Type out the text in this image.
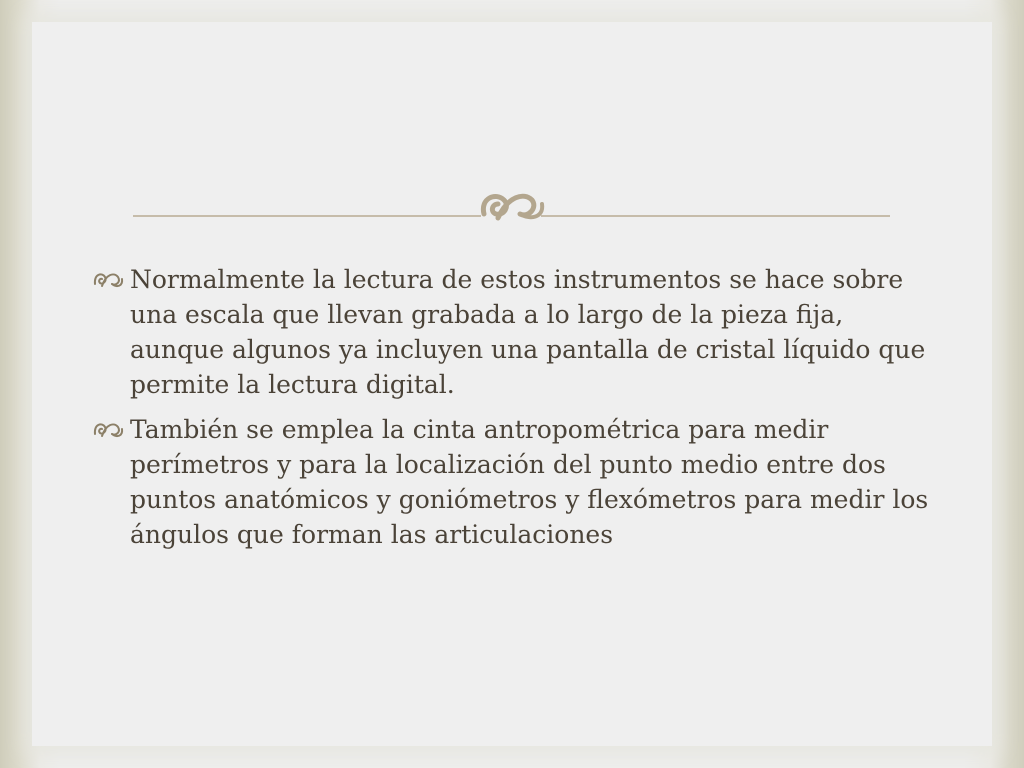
Normalmente la lectura de estos instrumentos se hace sobre una escala que llevan grabada a lo largo de la pieza fija, aunque algunos ya incluyen una pantalla de cristal líquido que permite la lectura digital.

También se emplea la cinta antropométrica para medir perímetros y para la localización del punto medio entre dos puntos anatómicos y goniómetros y flexómetros para medir los ángulos que forman las articulaciones
